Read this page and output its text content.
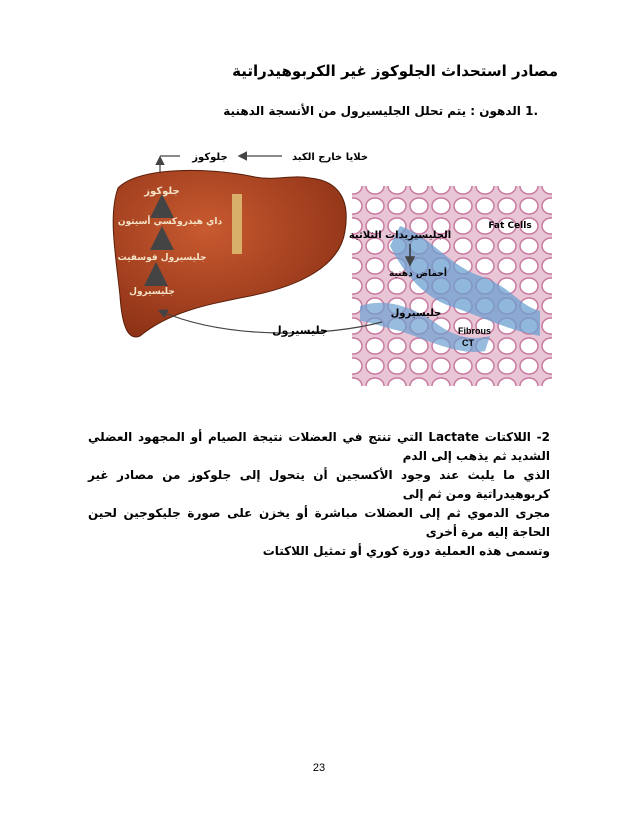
مصادر استحداث الجلوكوز غير الكربوهيدراتية
.1 الدهون : يتم تحلل الجليسيرول من الأنسجة الدهنية
جلوكوز
داي هيدروكسي أسيتون
جليسيرول فوسفيت
جليسيرول
جلوكوز	خلايا خارج الكبد
الجليسيريدات الثلاثية
Fat Cells
أحماض دهنية
جليسيرول
Fibrous
CT
جليسيرول

2- اللاكتات Lactate التي تنتج في العضلات نتيجة الصيام أو المجهود العضلي الشديد ثم يذهب إلى الدم

الذي ما يلبث عند وجود الأكسجين أن يتحول إلى جلوكوز من مصادر غير كربوهيدراتية ومن ثم إلى

مجرى الدموي ثم إلى العضلات مباشرة أو يخزن على صورة جليكوجين لحين الحاجة إليه مرة أخرى

وتسمى هذه العملية دورة كوري أو تمثيل اللاكتات

23
